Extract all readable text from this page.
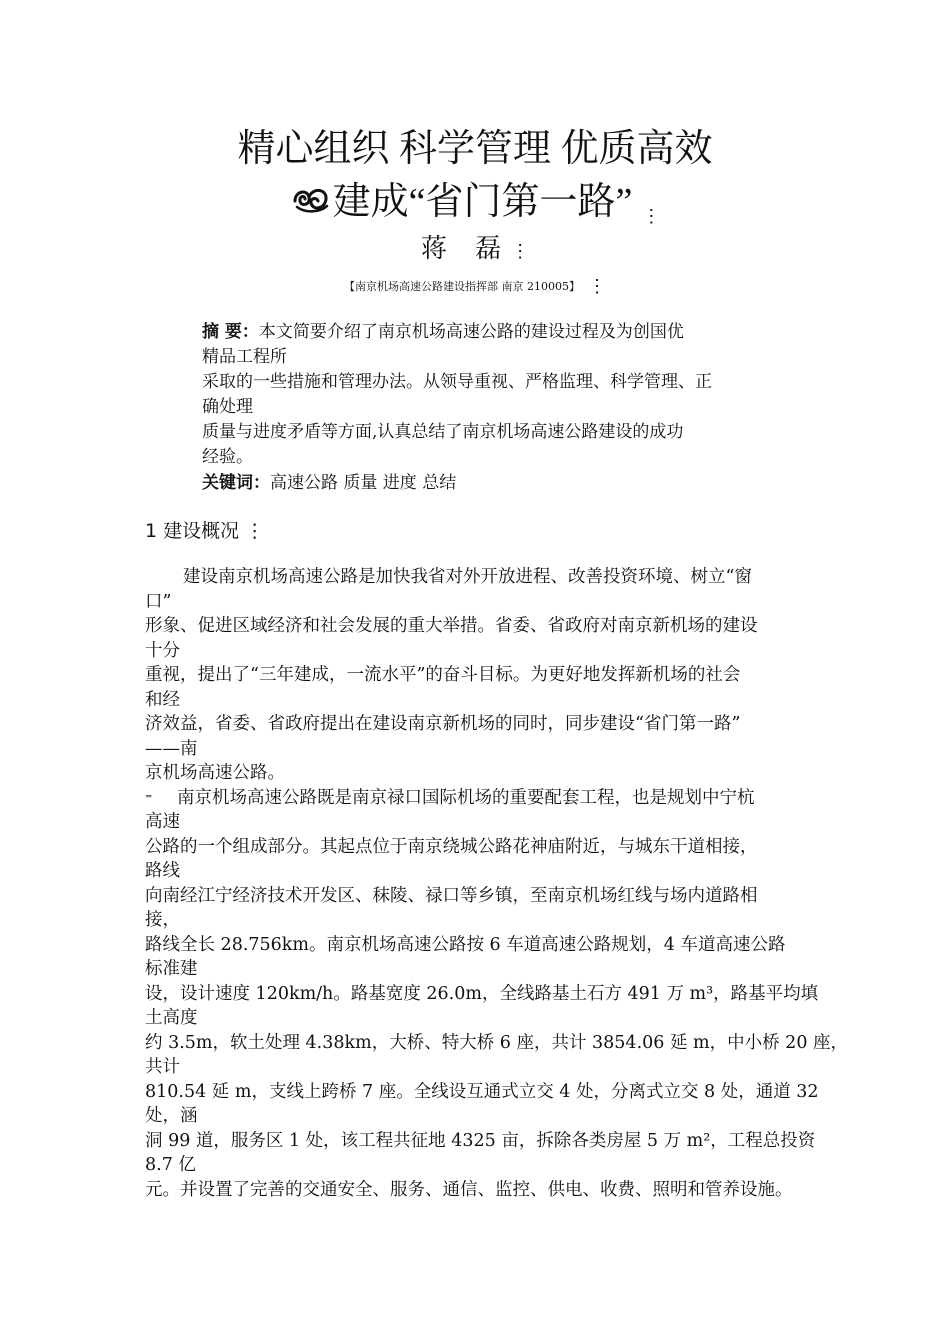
精心组织 科学管理 优质高效
建成“省门第一路” ⋮
蒋 磊⋮
【南京机场高速公路建设指挥部 南京 210005】 ⋮
摘 要：本文简要介绍了南京机场高速公路的建设过程及为创国优
精品工程所
采取的一些措施和管理办法。从领导重视、严格监理、科学管理、正
确处理
质量与进度矛盾等方面,认真总结了南京机场高速公路建设的成功
经验。
关键词：高速公路 质量 进度 总结
1 建设概况 ⋮
建设南京机场高速公路是加快我省对外开放进程、改善投资环境、树立“窗
口”
形象、促进区域经济和社会发展的重大举措。省委、省政府对南京新机场的建设
十分
重视，提出了“三年建成，一流水平”的奋斗目标。为更好地发挥新机场的社会
和经
济效益，省委、省政府提出在建设南京新机场的同时，同步建设“省门第一路”
——南
京机场高速公路。
⁼ 南京机场高速公路既是南京禄口国际机场的重要配套工程，也是规划中宁杭
高速
公路的一个组成部分。其起点位于南京绕城公路花神庙附近，与城东干道相接，
路线
向南经江宁经济技术开发区、秣陵、禄口等乡镇，至南京机场红线与场内道路相
接，
路线全长 28.756km。南京机场高速公路按 6 车道高速公路规划，4 车道高速公路
标准建
设，设计速度 120km/h。路基宽度 26.0m，全线路基土石方 491 万 m³，路基平均填
土高度
约 3.5m，软土处理 4.38km，大桥、特大桥 6 座，共计 3854.06 延 m，中小桥 20 座，
共计
810.54 延 m，支线上跨桥 7 座。全线设互通式立交 4 处，分离式立交 8 处，通道 32
处，涵
洞 99 道，服务区 1 处，该工程共征地 4325 亩，拆除各类房屋 5 万 m²，工程总投资
8.7 亿
元。并设置了完善的交通安全、服务、通信、监控、供电、收费、照明和管养设施。
